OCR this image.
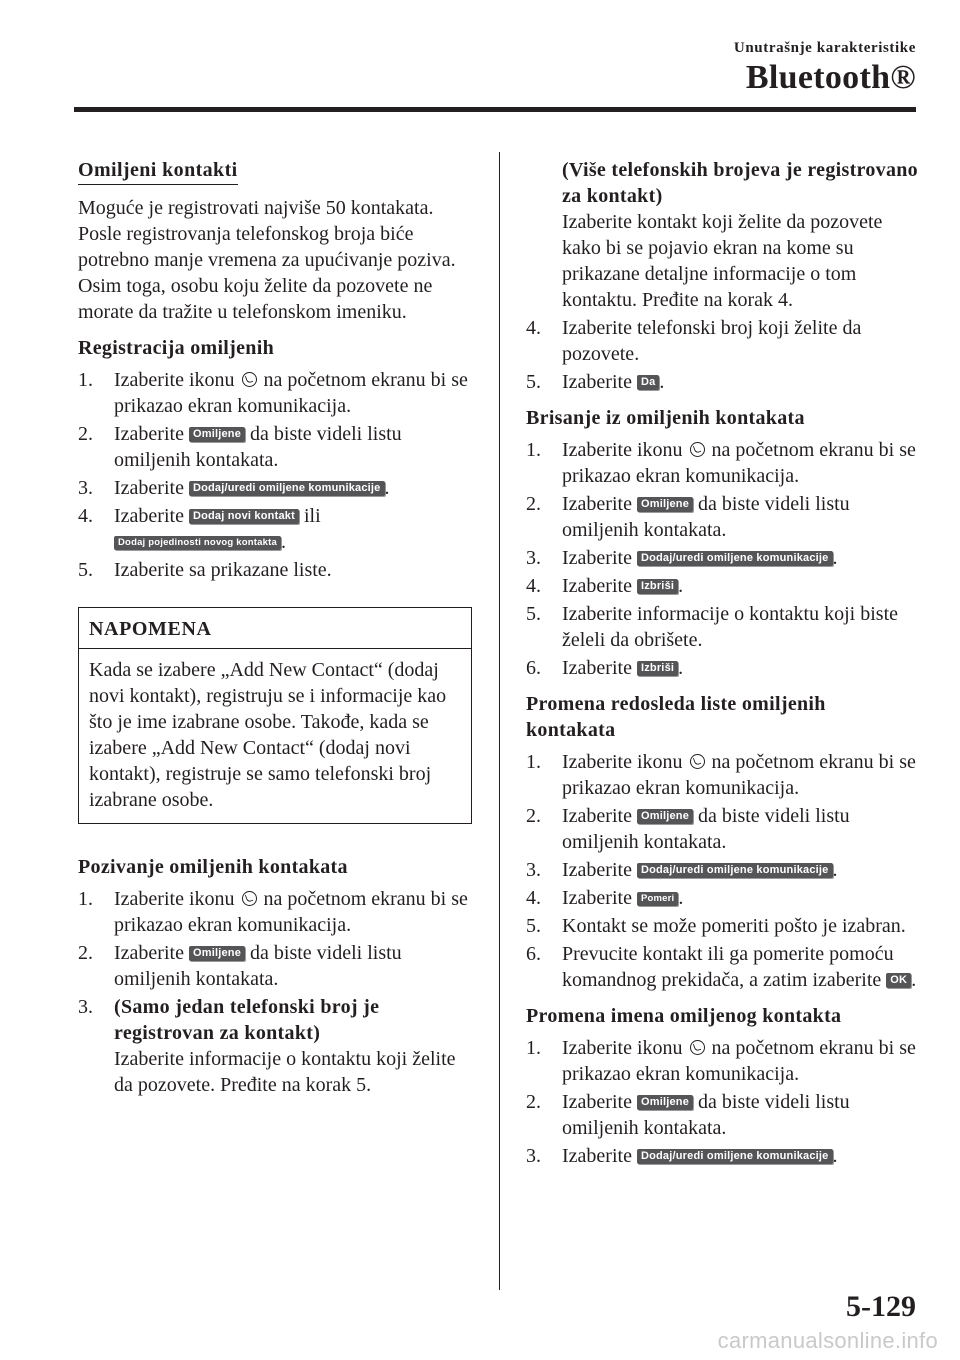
Unutrašnje karakteristike
Bluetooth®
Omiljeni kontakti

Moguće je registrovati najviše 50 kontakata. Posle registrovanja telefonskog broja biće potrebno manje vremena za upućivanje poziva. Osim toga, osobu koju želite da pozovete ne morate da tražite u telefonskom imeniku.

Registracija omiljenih

1. Izaberite ikonu na početnom ekranu bi se prikazao ekran komunikacija.
2. Izaberite Omiljene da biste videli listu omiljenih kontakata.
3. Izaberite Dodaj/uredi omiljene komunikacije .
4. Izaberite Dodaj novi kontakt ili
Dodaj pojedinosti novog kontakta .
5. Izaberite sa prikazane liste.
NAPOMENA
Kada se izabere „Add New Contact“ (dodaj novi kontakt), registruju se i informacije kao što je ime izabrane osobe. Takođe, kada se izabere „Add New Contact“ (dodaj novi kontakt), registruje se samo telefonski broj izabrane osobe.

Pozivanje omiljenih kontakata

1. Izaberite ikonu na početnom ekranu bi se prikazao ekran komunikacija.
2. Izaberite Omiljene da biste videli listu omiljenih kontakata.
3. (Samo jedan telefonski broj je registrovan za kontakt)
Izaberite informacije o kontaktu koji želite da pozovete. Pređite na korak 5.
(Više telefonskih brojeva je registrovano za kontakt)
Izaberite kontakt koji želite da pozovete kako bi se pojavio ekran na kome su prikazane detaljne informacije o tom kontaktu. Pređite na korak 4.
4. Izaberite telefonski broj koji želite da pozovete.
5. Izaberite Da .

Brisanje iz omiljenih kontakata

1. Izaberite ikonu na početnom ekranu bi se prikazao ekran komunikacija.
2. Izaberite Omiljene da biste videli listu omiljenih kontakata.
3. Izaberite Dodaj/uredi omiljene komunikacije .
4. Izaberite Izbriši .
5. Izaberite informacije o kontaktu koji biste želeli da obrišete.
6. Izaberite Izbriši .

Promena redosleda liste omiljenih kontakata

1. Izaberite ikonu na početnom ekranu bi se prikazao ekran komunikacija.
2. Izaberite Omiljene da biste videli listu omiljenih kontakata.
3. Izaberite Dodaj/uredi omiljene komunikacije .
4. Izaberite Pomeri .
5. Kontakt se može pomeriti pošto je izabran.
6. Prevucite kontakt ili ga pomerite pomoću komandnog prekidača, a zatim izaberite OK .

Promena imena omiljenog kontakta

1. Izaberite ikonu na početnom ekranu bi se prikazao ekran komunikacija.
2. Izaberite Omiljene da biste videli listu omiljenih kontakata.
3. Izaberite Dodaj/uredi omiljene komunikacije .
5-129
carmanualsonline.info
